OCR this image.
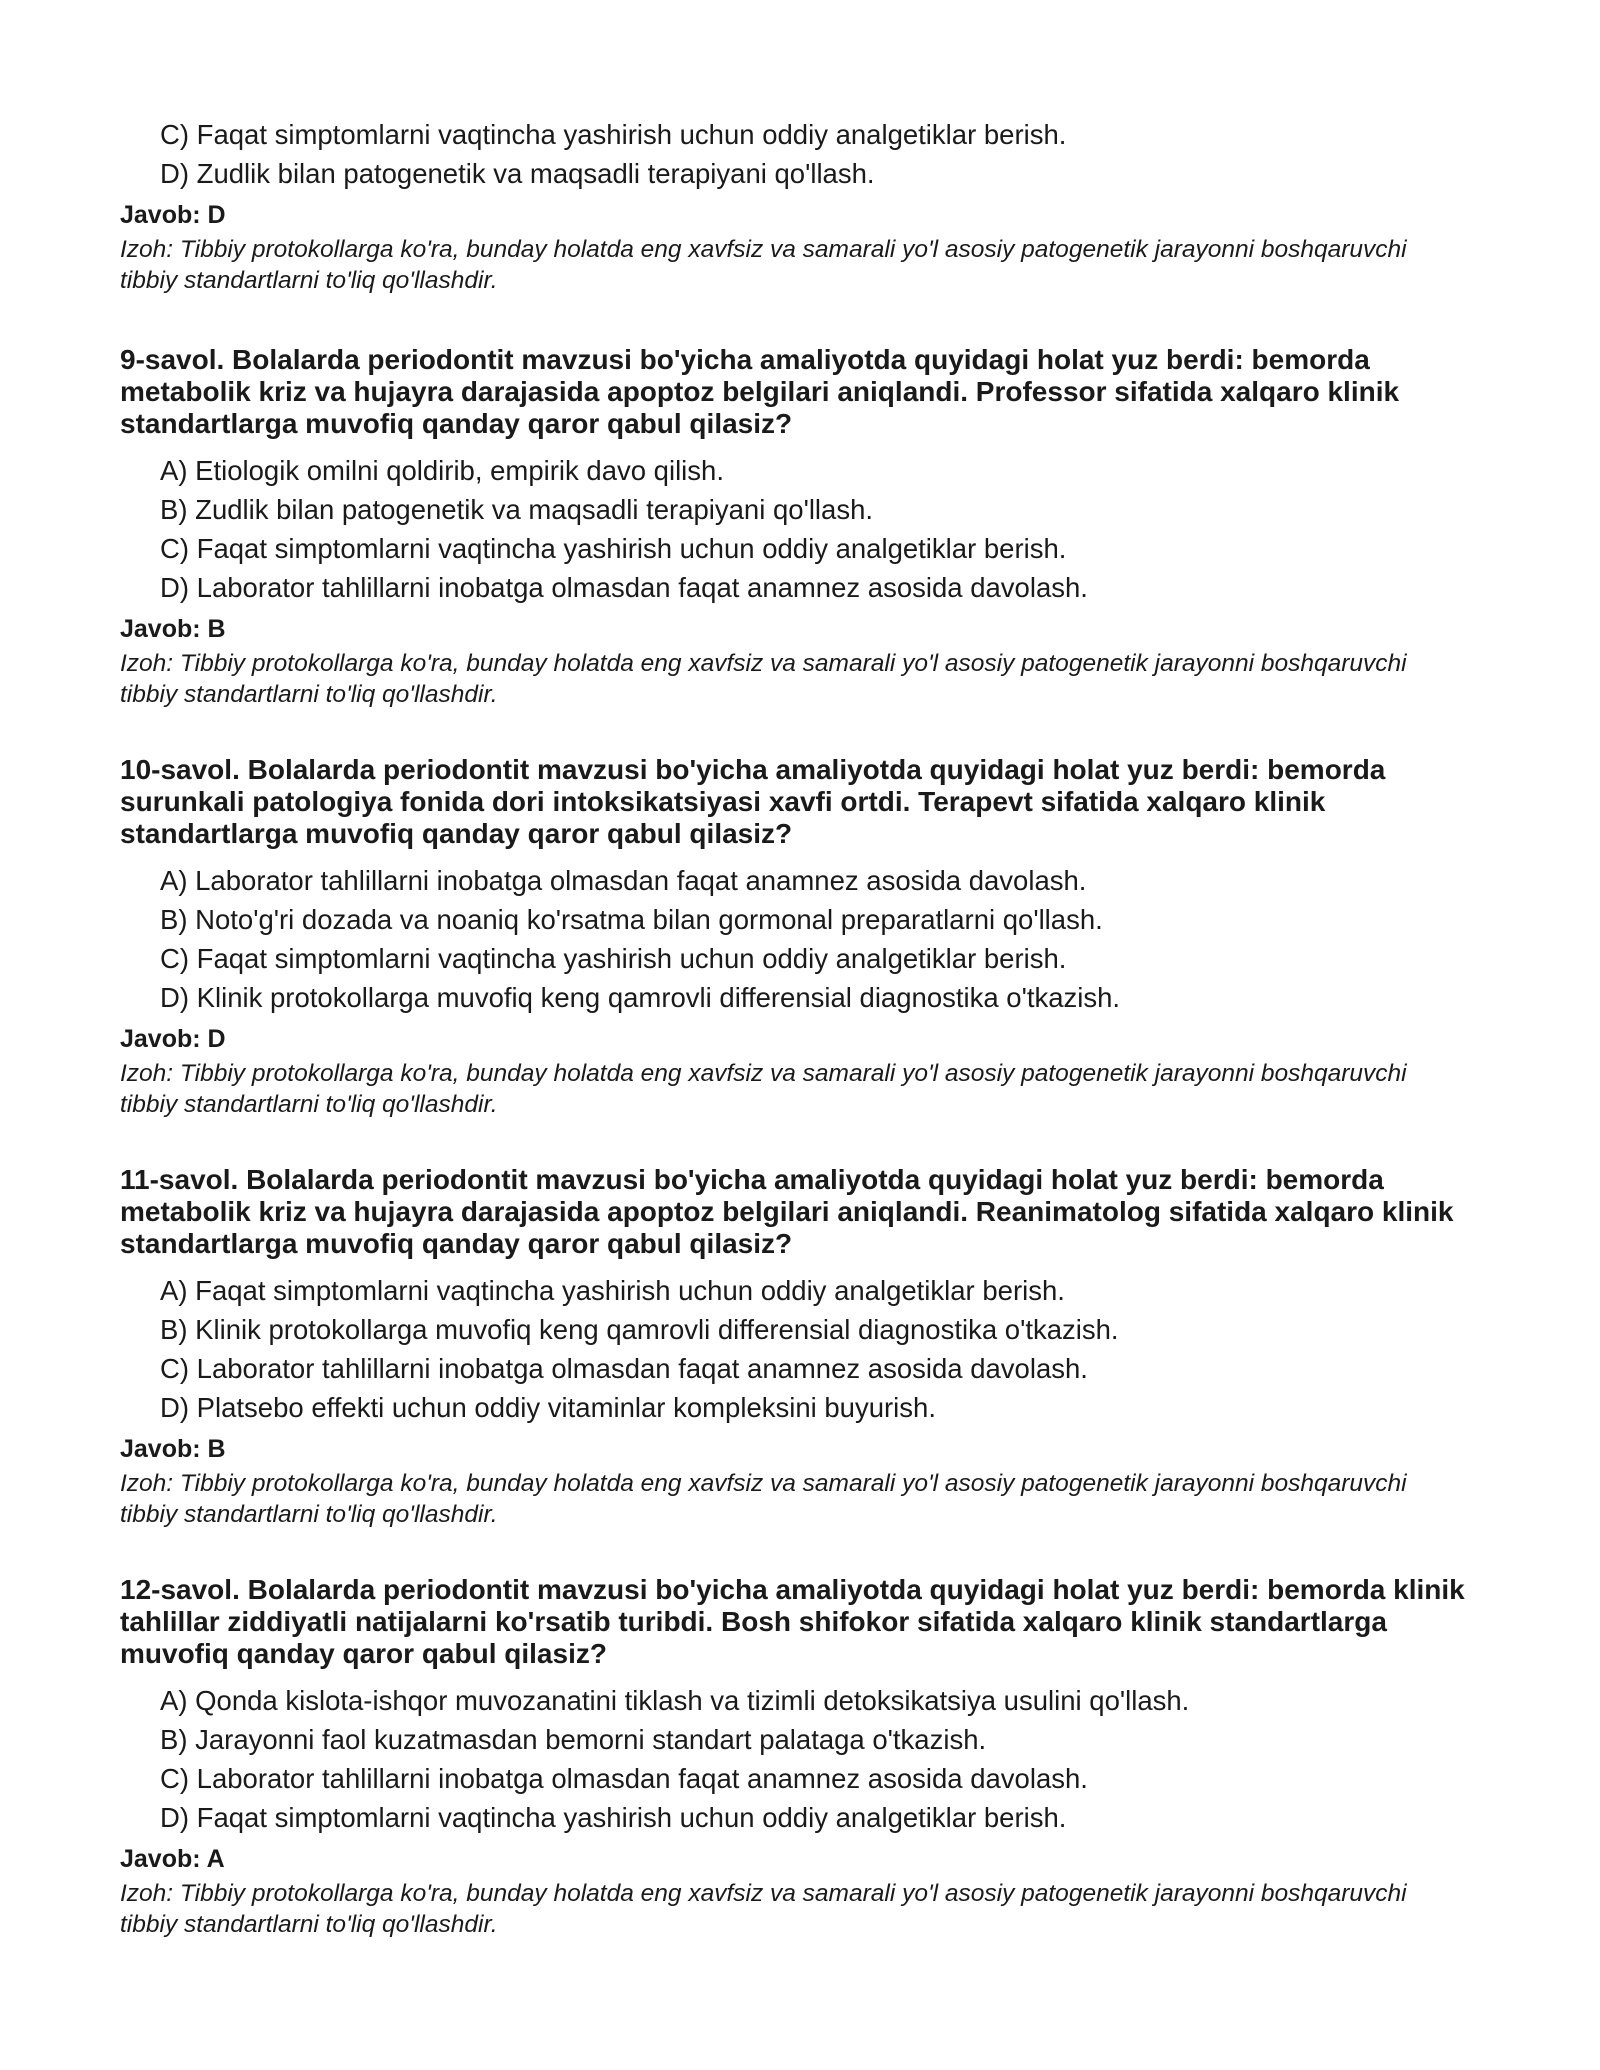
C) Faqat simptomlarni vaqtincha yashirish uchun oddiy analgetiklar berish.
D) Zudlik bilan patogenetik va maqsadli terapiyani qo'llash.
Javob: D
Izoh: Tibbiy protokollarga ko'ra, bunday holatda eng xavfsiz va samarali yo'l asosiy patogenetik jarayonni boshqaruvchi tibbiy standartlarni to'liq qo'llashdir.
9-savol. Bolalarda periodontit mavzusi bo'yicha amaliyotda quyidagi holat yuz berdi: bemorda metabolik kriz va hujayra darajasida apoptoz belgilari aniqlandi. Professor sifatida xalqaro klinik standartlarga muvofiq qanday qaror qabul qilasiz?
A) Etiologik omilni qoldirib, empirik davo qilish.
B) Zudlik bilan patogenetik va maqsadli terapiyani qo'llash.
C) Faqat simptomlarni vaqtincha yashirish uchun oddiy analgetiklar berish.
D) Laborator tahlillarni inobatga olmasdan faqat anamnez asosida davolash.
Javob: B
Izoh: Tibbiy protokollarga ko'ra, bunday holatda eng xavfsiz va samarali yo'l asosiy patogenetik jarayonni boshqaruvchi tibbiy standartlarni to'liq qo'llashdir.
10-savol. Bolalarda periodontit mavzusi bo'yicha amaliyotda quyidagi holat yuz berdi: bemorda surunkali patologiya fonida dori intoksikatsiyasi xavfi ortdi. Terapevt sifatida xalqaro klinik standartlarga muvofiq qanday qaror qabul qilasiz?
A) Laborator tahlillarni inobatga olmasdan faqat anamnez asosida davolash.
B) Noto'g'ri dozada va noaniq ko'rsatma bilan gormonal preparatlarni qo'llash.
C) Faqat simptomlarni vaqtincha yashirish uchun oddiy analgetiklar berish.
D) Klinik protokollarga muvofiq keng qamrovli differensial diagnostika o'tkazish.
Javob: D
Izoh: Tibbiy protokollarga ko'ra, bunday holatda eng xavfsiz va samarali yo'l asosiy patogenetik jarayonni boshqaruvchi tibbiy standartlarni to'liq qo'llashdir.
11-savol. Bolalarda periodontit mavzusi bo'yicha amaliyotda quyidagi holat yuz berdi: bemorda metabolik kriz va hujayra darajasida apoptoz belgilari aniqlandi. Reanimatolog sifatida xalqaro klinik standartlarga muvofiq qanday qaror qabul qilasiz?
A) Faqat simptomlarni vaqtincha yashirish uchun oddiy analgetiklar berish.
B) Klinik protokollarga muvofiq keng qamrovli differensial diagnostika o'tkazish.
C) Laborator tahlillarni inobatga olmasdan faqat anamnez asosida davolash.
D) Platsebo effekti uchun oddiy vitaminlar kompleksini buyurish.
Javob: B
Izoh: Tibbiy protokollarga ko'ra, bunday holatda eng xavfsiz va samarali yo'l asosiy patogenetik jarayonni boshqaruvchi tibbiy standartlarni to'liq qo'llashdir.
12-savol. Bolalarda periodontit mavzusi bo'yicha amaliyotda quyidagi holat yuz berdi: bemorda klinik tahlillar ziddiyatli natijalarni ko'rsatib turibdi. Bosh shifokor sifatida xalqaro klinik standartlarga muvofiq qanday qaror qabul qilasiz?
A) Qonda kislota-ishqor muvozanatini tiklash va tizimli detoksikatsiya usulini qo'llash.
B) Jarayonni faol kuzatmasdan bemorni standart palataga o'tkazish.
C) Laborator tahlillarni inobatga olmasdan faqat anamnez asosida davolash.
D) Faqat simptomlarni vaqtincha yashirish uchun oddiy analgetiklar berish.
Javob: A
Izoh: Tibbiy protokollarga ko'ra, bunday holatda eng xavfsiz va samarali yo'l asosiy patogenetik jarayonni boshqaruvchi tibbiy standartlarni to'liq qo'llashdir.
